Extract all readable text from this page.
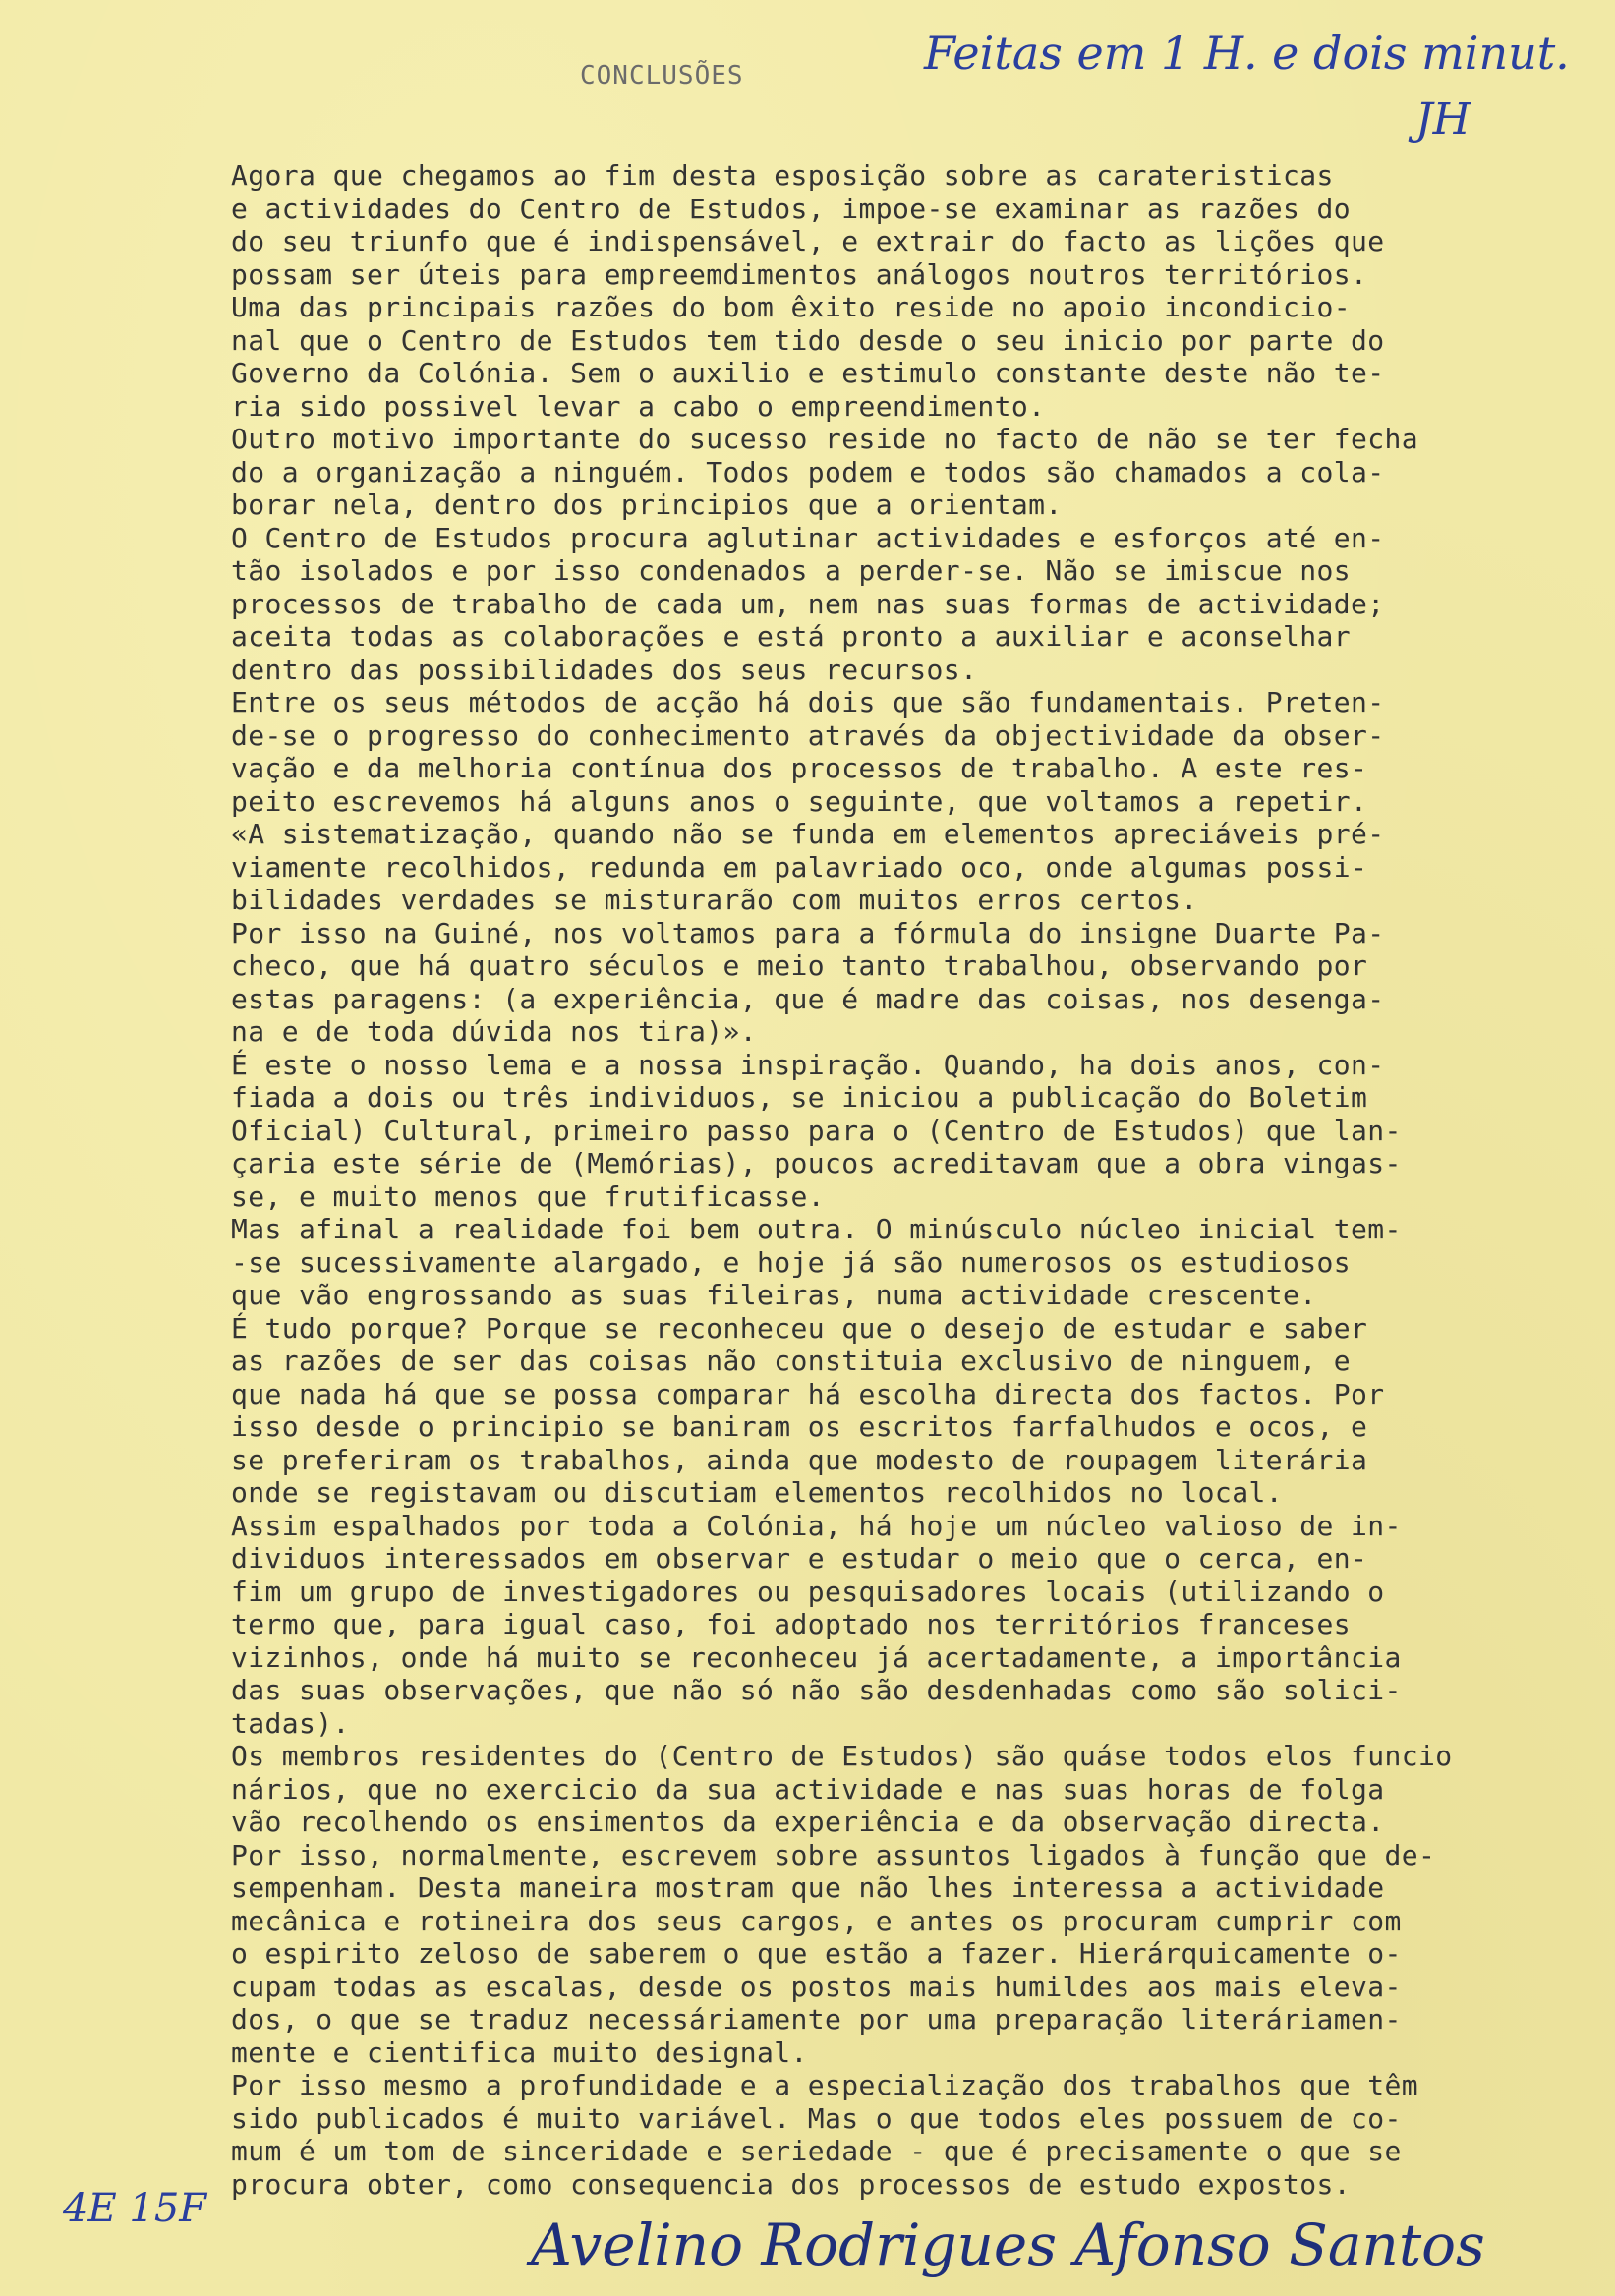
Feitas em 1 H. e dois minut.
JH
CONCLUSÕES
Agora que chegamos ao fim desta esposição sobre as carateristicas
e actividades do Centro de Estudos, impoe-se examinar as razões do
do seu triunfo que é indispensável, e extrair do facto as lições que
possam ser úteis para empreemdimentos análogos noutros territórios.
Uma das principais razões do bom êxito reside no apoio incondicio-
nal que o Centro de Estudos tem tido desde o seu inicio por parte do
Governo da Colónia. Sem o auxilio e estimulo constante deste não te-
ria sido possivel levar a cabo o empreendimento.
Outro motivo importante do sucesso reside no facto de não se ter fecha
do a organização a ninguém. Todos podem e todos são chamados a cola-
borar nela, dentro dos principios que a orientam.
O Centro de Estudos procura aglutinar actividades e esforços até en-
tão isolados e por isso condenados a perder-se. Não se imiscue nos
processos de trabalho de cada um, nem nas suas formas de actividade;
aceita todas as colaborações e está pronto a auxiliar e aconselhar
dentro das possibilidades dos seus recursos.
Entre os seus métodos de acção há dois que são fundamentais. Preten-
de-se o progresso do conhecimento através da objectividade da obser-
vação e da melhoria contínua dos processos de trabalho. A este res-
peito escrevemos há alguns anos o seguinte, que voltamos a repetir.
«A sistematização, quando não se funda em elementos apreciáveis pré-
viamente recolhidos, redunda em palavriado oco, onde algumas possi-
bilidades verdades se misturarão com muitos erros certos.
Por isso na Guiné, nos voltamos para a fórmula do insigne Duarte Pa-
checo, que há quatro séculos e meio tanto trabalhou, observando por
estas paragens: (a experiência, que é madre das coisas, nos desenga-
na e de toda dúvida nos tira)».
É este o nosso lema e a nossa inspiração. Quando, ha dois anos, con-
fiada a dois ou três individuos, se iniciou a publicação do Boletim
Oficial) Cultural, primeiro passo para o (Centro de Estudos) que lan-
çaria este série de (Memórias), poucos acreditavam que a obra vingas-
se, e muito menos que frutificasse.
Mas afinal a realidade foi bem outra. O minúsculo núcleo inicial tem-
-se sucessivamente alargado, e hoje já são numerosos os estudiosos
que vão engrossando as suas fileiras, numa actividade crescente.
É tudo porque? Porque se reconheceu que o desejo de estudar e saber
as razões de ser das coisas não constituia exclusivo de ninguem, e
que nada há que se possa comparar há escolha directa dos factos. Por
isso desde o principio se baniram os escritos farfalhudos e ocos, e
se preferiram os trabalhos, ainda que modesto de roupagem literária
onde se registavam ou discutiam elementos recolhidos no local.
Assim espalhados por toda a Colónia, há hoje um núcleo valioso de in-
dividuos interessados em observar e estudar o meio que o cerca, en-
fim um grupo de investigadores ou pesquisadores locais (utilizando o
termo que, para igual caso, foi adoptado nos territórios franceses
vizinhos, onde há muito se reconheceu já acertadamente, a importância
das suas observações, que não só não são desdenhadas como são solici-
tadas).
Os membros residentes do (Centro de Estudos) são quáse todos elos funcio
nários, que no exercicio da sua actividade e nas suas horas de folga
vão recolhendo os ensimentos da experiência e da observação directa.
Por isso, normalmente, escrevem sobre assuntos ligados à função que de-
sempenham. Desta maneira mostram que não lhes interessa a actividade
mecânica e rotineira dos seus cargos, e antes os procuram cumprir com
o espirito zeloso de saberem o que estão a fazer. Hierárquicamente o-
cupam todas as escalas, desde os postos mais humildes aos mais eleva-
dos, o que se traduz necessáriamente por uma preparação literáriamen-
mente e cientifica muito designal.
Por isso mesmo a profundidade e a especialização dos trabalhos que têm
sido publicados é muito variável. Mas o que todos eles possuem de co-
mum é um tom de sinceridade e seriedade - que é precisamente o que se
procura obter, como consequencia dos processos de estudo expostos.
4E 15F
Avelino Rodrigues Afonso Santos
